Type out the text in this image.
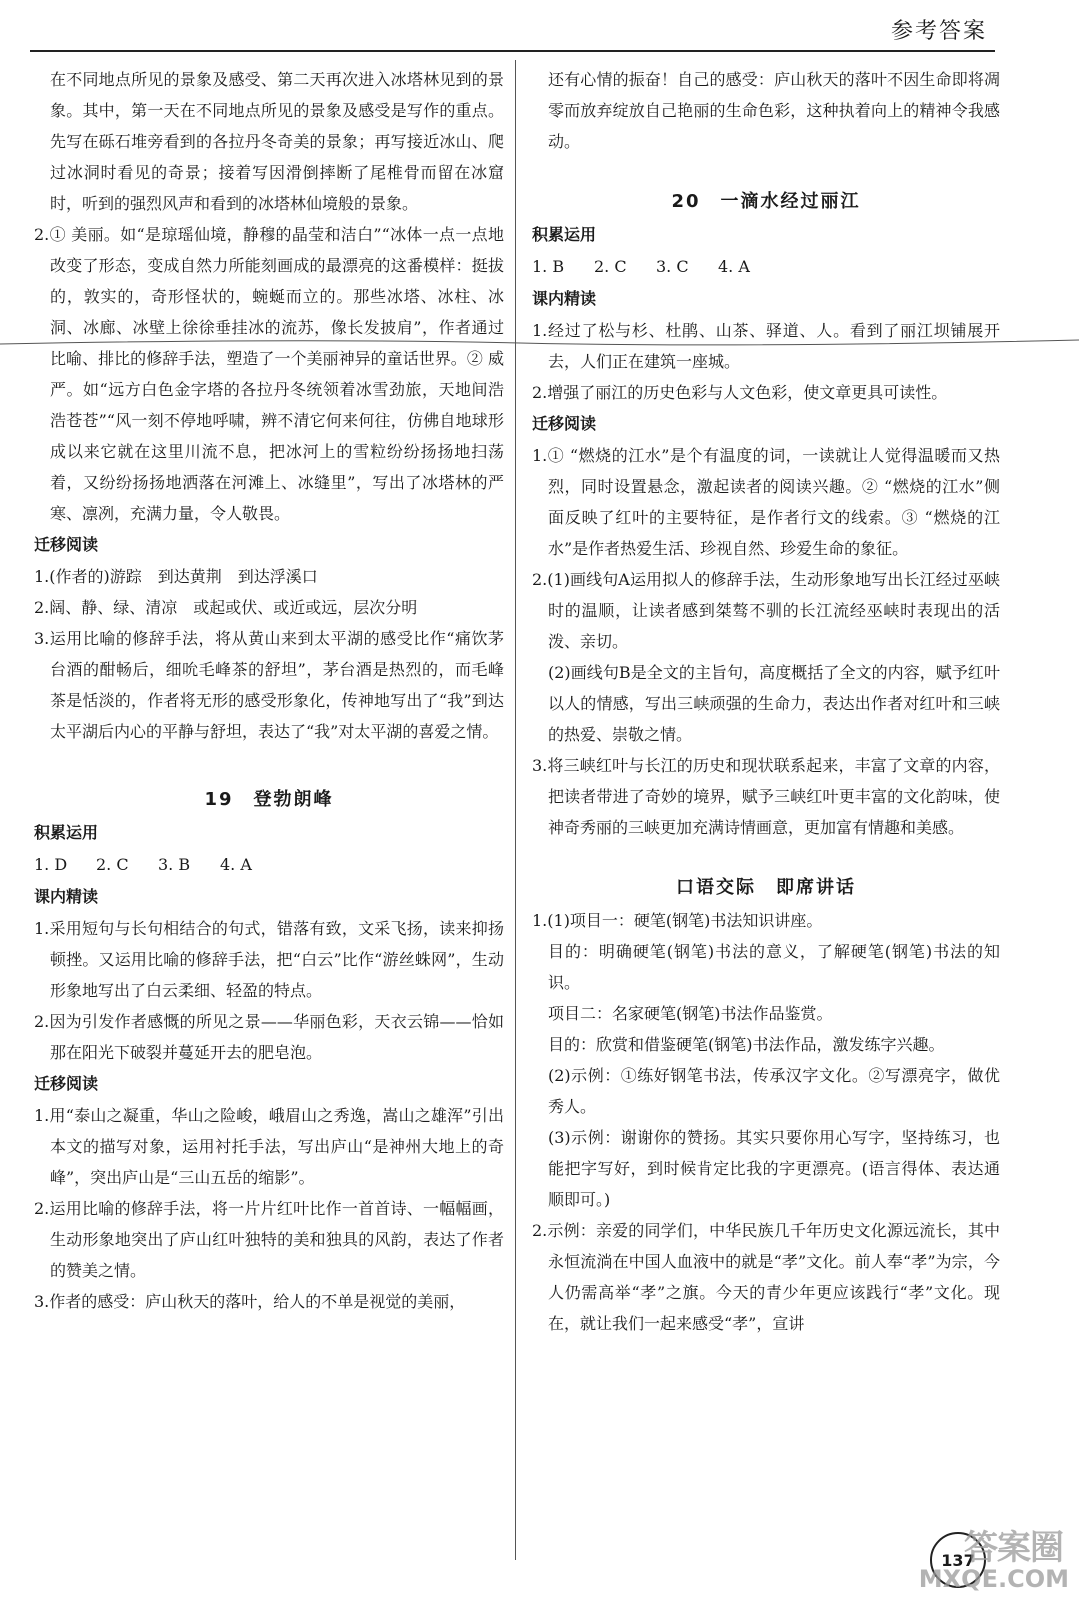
参考答案

在不同地点所见的景象及感受、第二天再次进入冰塔林见到的景象。其中，第一天在不同地点所见的景象及感受是写作的重点。先写在砾石堆旁看到的各拉丹冬奇美的景象；再写接近冰山、爬过冰洞时看见的奇景；接着写因滑倒摔断了尾椎骨而留在冰窟时，听到的强烈风声和看到的冰塔林仙境般的景象。

2.① 美丽。如“是琼瑶仙境，静穆的晶莹和洁白”“冰体一点一点地改变了形态，变成自然力所能刻画成的最漂亮的这番模样：挺拔的，敦实的，奇形怪状的，蜿蜒而立的。那些冰塔、冰柱、冰洞、冰廊、冰壁上徐徐垂挂冰的流苏，像长发披肩”，作者通过比喻、排比的修辞手法，塑造了一个美丽神异的童话世界。② 威严。如“远方白色金字塔的各拉丹冬统领着冰雪劲旅，天地间浩浩苍苍”“风一刻不停地呼啸，辨不清它何来何往，仿佛自地球形成以来它就在这里川流不息，把冰河上的雪粒纷纷扬扬地扫荡着，又纷纷扬扬地洒落在河滩上、冰缝里”，写出了冰塔林的严寒、凛冽，充满力量，令人敬畏。

迁移阅读

1.(作者的)游踪　到达黄荆　到达浮溪口

2.阔、静、绿、清凉　或起或伏、或近或远，层次分明

3.运用比喻的修辞手法，将从黄山来到太平湖的感受比作“痛饮茅台酒的酣畅后，细吮毛峰茶的舒坦”，茅台酒是热烈的，而毛峰茶是恬淡的，作者将无形的感受形象化，传神地写出了“我”到达太平湖后内心的平静与舒坦，表达了“我”对太平湖的喜爱之情。

19　登勃朗峰
积累运用
1. D 2. C 3. B 4. A
课内精读

1.采用短句与长句相结合的句式，错落有致，文采飞扬，读来抑扬顿挫。又运用比喻的修辞手法，把“白云”比作“游丝蛛网”，生动形象地写出了白云柔细、轻盈的特点。

2.因为引发作者感慨的所见之景——华丽色彩，天衣云锦——恰如那在阳光下破裂并蔓延开去的肥皂泡。

迁移阅读

1.用“泰山之凝重，华山之险峻，峨眉山之秀逸，嵩山之雄浑”引出本文的描写对象，运用衬托手法，写出庐山“是神州大地上的奇峰”，突出庐山是“三山五岳的缩影”。

2.运用比喻的修辞手法，将一片片红叶比作一首首诗、一幅幅画，生动形象地突出了庐山红叶独特的美和独具的风韵，表达了作者的赞美之情。

3.作者的感受：庐山秋天的落叶，给人的不单是视觉的美丽，

还有心情的振奋！自己的感受：庐山秋天的落叶不因生命即将凋零而放弃绽放自己艳丽的生命色彩，这种执着向上的精神令我感动。

20　一滴水经过丽江
积累运用
1. B 2. C 3. C 4. A
课内精读

1.经过了松与杉、杜鹃、山茶、驿道、人。看到了丽江坝铺展开去，人们正在建筑一座城。

2.增强了丽江的历史色彩与人文色彩，使文章更具可读性。

迁移阅读

1.① “燃烧的江水”是个有温度的词，一读就让人觉得温暖而又热烈，同时设置悬念，激起读者的阅读兴趣。② “燃烧的江水”侧面反映了红叶的主要特征，是作者行文的线索。③ “燃烧的江水”是作者热爱生活、珍视自然、珍爱生命的象征。

2.(1)画线句A运用拟人的修辞手法，生动形象地写出长江经过巫峡时的温顺，让读者感到桀骜不驯的长江流经巫峡时表现出的活泼、亲切。

(2)画线句B是全文的主旨句，高度概括了全文的内容，赋予红叶以人的情感，写出三峡顽强的生命力，表达出作者对红叶和三峡的热爱、崇敬之情。

3.将三峡红叶与长江的历史和现状联系起来，丰富了文章的内容，把读者带进了奇妙的境界，赋予三峡红叶更丰富的文化韵味，使神奇秀丽的三峡更加充满诗情画意，更加富有情趣和美感。

口语交际　即席讲话

1.(1)项目一：硬笔(钢笔)书法知识讲座。

目的：明确硬笔(钢笔)书法的意义，了解硬笔(钢笔)书法的知识。

项目二：名家硬笔(钢笔)书法作品鉴赏。

目的：欣赏和借鉴硬笔(钢笔)书法作品，激发练字兴趣。

(2)示例：①练好钢笔书法，传承汉字文化。②写漂亮字，做优秀人。

(3)示例：谢谢你的赞扬。其实只要你用心写字，坚持练习，也能把字写好，到时候肯定比我的字更漂亮。(语言得体、表达通顺即可。)

2.示例：亲爱的同学们，中华民族几千年历史文化源远流长，其中永恒流淌在中国人血液中的就是“孝”文化。前人奉“孝”为宗，今人仍需高举“孝”之旗。今天的青少年更应该践行“孝”文化。现在，就让我们一起来感受“孝”，宣讲

137
答案圈
MXQE.COM
